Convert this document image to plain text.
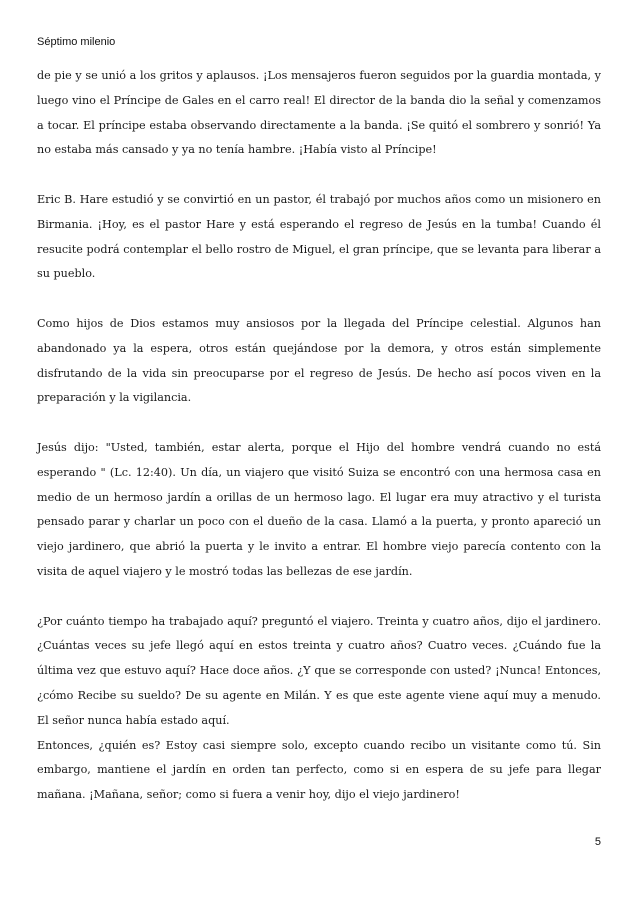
Séptimo milenio

de pie y se unió a los gritos y aplausos. ¡Los mensajeros fueron seguidos por la guardia montada, y luego vino el Príncipe de Gales en el carro real! El director de la banda dio la señal y comenzamos a tocar. El príncipe estaba observando directamente a la banda. ¡Se quitó el sombrero y sonrió! Ya no estaba más cansado y ya no tenía hambre. ¡Había visto al Príncipe!

Eric B. Hare estudió y se convirtió en un pastor, él trabajó por muchos años como un misionero en Birmania. ¡Hoy, es el pastor Hare y está esperando el regreso de Jesús en la tumba! Cuando él resucite podrá contemplar el bello rostro de Miguel, el gran príncipe, que se levanta para liberar a su pueblo.

Como hijos de Dios estamos muy ansiosos por la llegada del Príncipe celestial. Algunos han abandonado ya la espera, otros están quejándose por la demora, y otros están simplemente disfrutando de la vida sin preocuparse por el regreso de Jesús. De hecho así pocos viven en la preparación y la vigilancia.

Jesús dijo: "Usted, también, estar alerta, porque el Hijo del hombre vendrá cuando no está esperando " (Lc. 12:40). Un día, un viajero que visitó Suiza se encontró con una hermosa casa en medio de un hermoso jardín a orillas de un hermoso lago. El lugar era muy atractivo y el turista pensado parar y charlar un poco con el dueño de la casa. Llamó a la puerta, y pronto apareció un viejo jardinero, que abrió la puerta y le invito a entrar. El hombre viejo parecía contento con la visita de aquel viajero y le mostró todas las bellezas de ese jardín.

¿Por cuánto tiempo ha trabajado aquí? preguntó el viajero. Treinta y cuatro años, dijo el jardinero. ¿Cuántas veces su jefe llegó aquí en estos treinta y cuatro años? Cuatro veces. ¿Cuándo fue la última vez que estuvo aquí? Hace doce años. ¿Y que se corresponde con usted? ¡Nunca! Entonces, ¿cómo Recibe su sueldo? De su agente en Milán. Y es que este agente viene aquí muy a menudo. El señor nunca había estado aquí.

Entonces, ¿quién es? Estoy casi siempre solo, excepto cuando recibo un visitante como tú. Sin embargo, mantiene el jardín en orden tan perfecto, como si en espera de su jefe para llegar mañana. ¡Mañana, señor; como si fuera a venir hoy, dijo el viejo jardinero!

5
